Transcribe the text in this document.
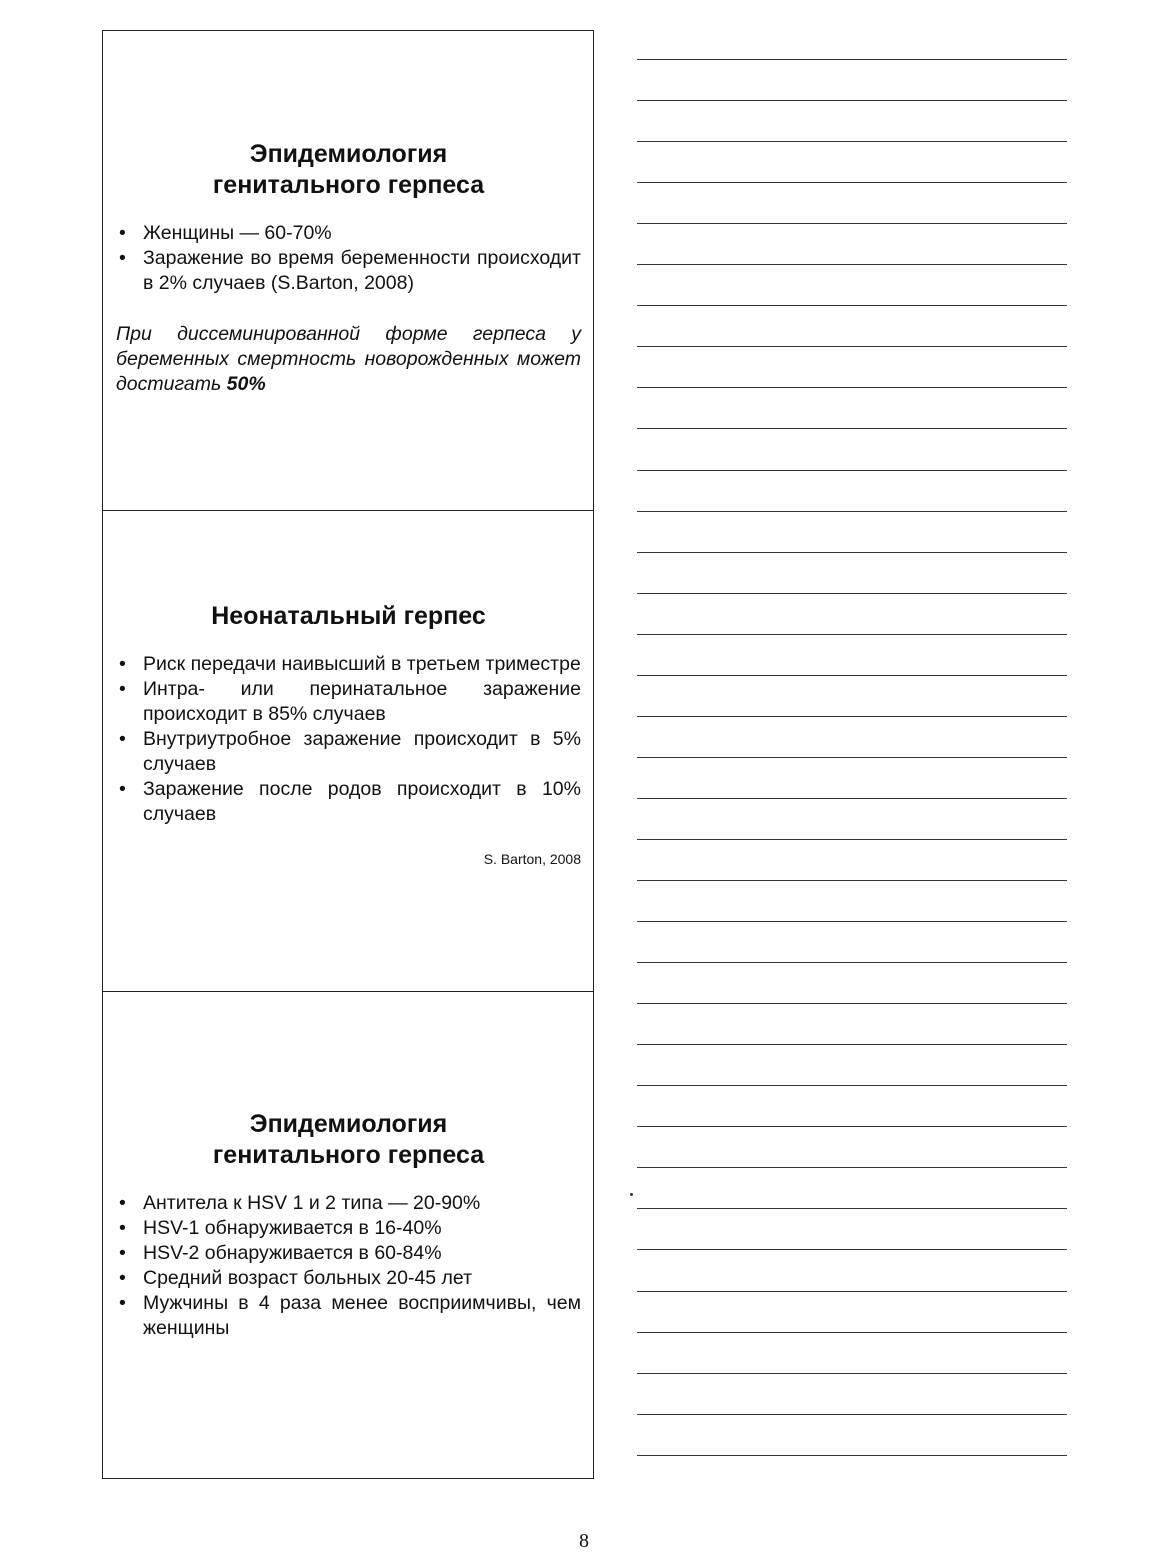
Эпидемиология
генитального герпеса
• Женщины — 60-70%
• Заражение во время беременности происходит в 2% случаев (S.Barton, 2008)
При диссеминированной форме герпеса у беременных смертность новорожденных может достигать 50%
Неонатальный герпес
• Риск передачи наивысший в третьем триместре
• Интра- или перинатальное заражение происходит в 85% случаев
• Внутриутробное заражение происходит в 5% случаев
• Заражение после родов происходит в 10% случаев
S. Barton, 2008
Эпидемиология
генитального герпеса
• Антитела к HSV 1 и 2 типа — 20-90%
• HSV-1 обнаруживается в 16-40%
• HSV-2 обнаруживается в 60-84%
• Средний возраст больных 20-45 лет
• Мужчины в 4 раза менее восприимчивы, чем женщины
8
